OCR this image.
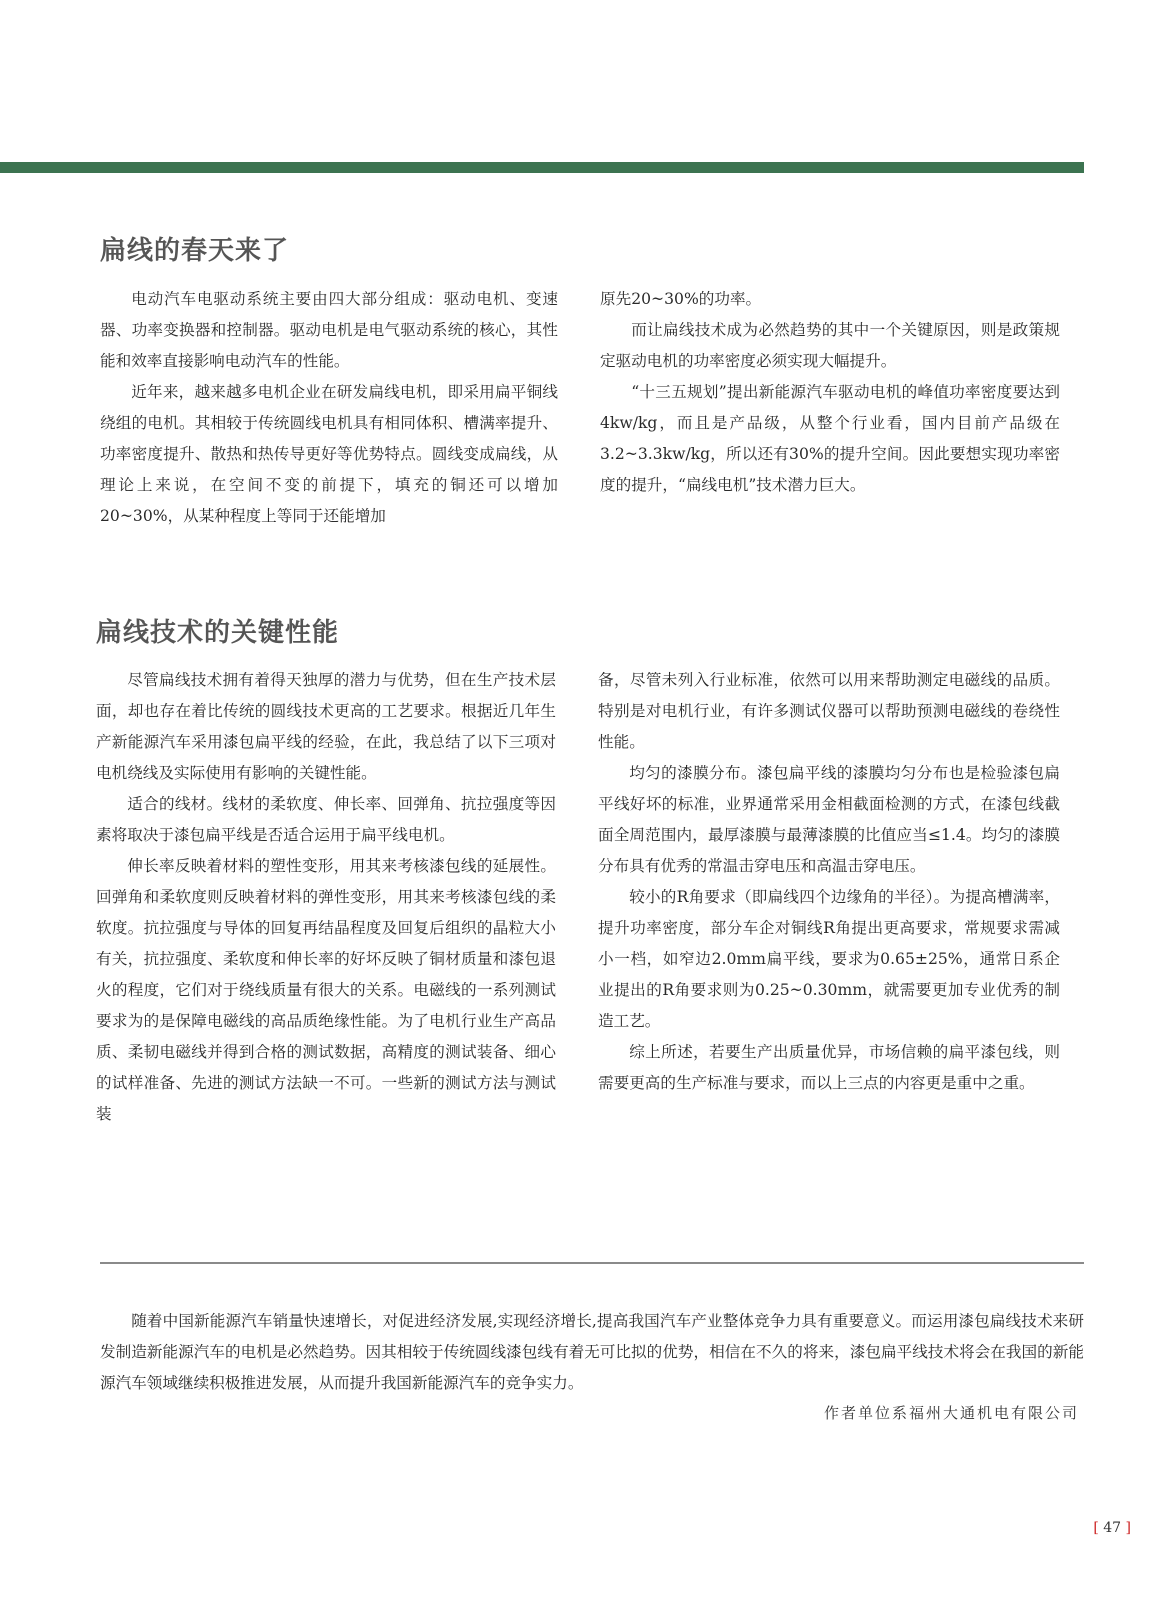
扁线的春天来了

电动汽车电驱动系统主要由四大部分组成：驱动电机、变速器、功率变换器和控制器。驱动电机是电气驱动系统的核心，其性能和效率直接影响电动汽车的性能。

近年来，越来越多电机企业在研发扁线电机，即采用扁平铜线绕组的电机。其相较于传统圆线电机具有相同体积、槽满率提升、功率密度提升、散热和热传导更好等优势特点。圆线变成扁线，从理论上来说，在空间不变的前提下，填充的铜还可以增加20~30%，从某种程度上等同于还能增加

原先20~30%的功率。

而让扁线技术成为必然趋势的其中一个关键原因，则是政策规定驱动电机的功率密度必须实现大幅提升。

“十三五规划”提出新能源汽车驱动电机的峰值功率密度要达到4kw/kg，而且是产品级，从整个行业看，国内目前产品级在3.2~3.3kw/kg，所以还有30%的提升空间。因此要想实现功率密度的提升，“扁线电机”技术潜力巨大。

扁线技术的关键性能

尽管扁线技术拥有着得天独厚的潜力与优势，但在生产技术层面，却也存在着比传统的圆线技术更高的工艺要求。根据近几年生产新能源汽车采用漆包扁平线的经验，在此，我总结了以下三项对电机绕线及实际使用有影响的关键性能。

适合的线材。线材的柔软度、伸长率、回弹角、抗拉强度等因素将取决于漆包扁平线是否适合运用于扁平线电机。

伸长率反映着材料的塑性变形，用其来考核漆包线的延展性。回弹角和柔软度则反映着材料的弹性变形，用其来考核漆包线的柔软度。抗拉强度与导体的回复再结晶程度及回复后组织的晶粒大小有关，抗拉强度、柔软度和伸长率的好坏反映了铜材质量和漆包退火的程度，它们对于绕线质量有很大的关系。电磁线的一系列测试要求为的是保障电磁线的高品质绝缘性能。为了电机行业生产高品质、柔韧电磁线并得到合格的测试数据，高精度的测试装备、细心的试样准备、先进的测试方法缺一不可。一些新的测试方法与测试装

备，尽管未列入行业标准，依然可以用来帮助测定电磁线的品质。特别是对电机行业，有许多测试仪器可以帮助预测电磁线的卷绕性性能。

均匀的漆膜分布。漆包扁平线的漆膜均匀分布也是检验漆包扁平线好坏的标准，业界通常采用金相截面检测的方式，在漆包线截面全周范围内，最厚漆膜与最薄漆膜的比值应当≤1.4。均匀的漆膜分布具有优秀的常温击穿电压和高温击穿电压。

较小的R角要求（即扁线四个边缘角的半径）。为提高槽满率，提升功率密度，部分车企对铜线R角提出更高要求，常规要求需减小一档，如窄边2.0mm扁平线，要求为0.65±25%，通常日系企业提出的R角要求则为0.25~0.30mm，就需要更加专业优秀的制造工艺。

综上所述，若要生产出质量优异，市场信赖的扁平漆包线，则需要更高的生产标准与要求，而以上三点的内容更是重中之重。

随着中国新能源汽车销量快速增长，对促进经济发展,实现经济增长,提高我国汽车产业整体竞争力具有重要意义。而运用漆包扁线技术来研发制造新能源汽车的电机是必然趋势。因其相较于传统圆线漆包线有着无可比拟的优势，相信在不久的将来，漆包扁平线技术将会在我国的新能源汽车领域继续积极推进发展，从而提升我国新能源汽车的竞争实力。

作者单位系福州大通机电有限公司
[ 47 ]
